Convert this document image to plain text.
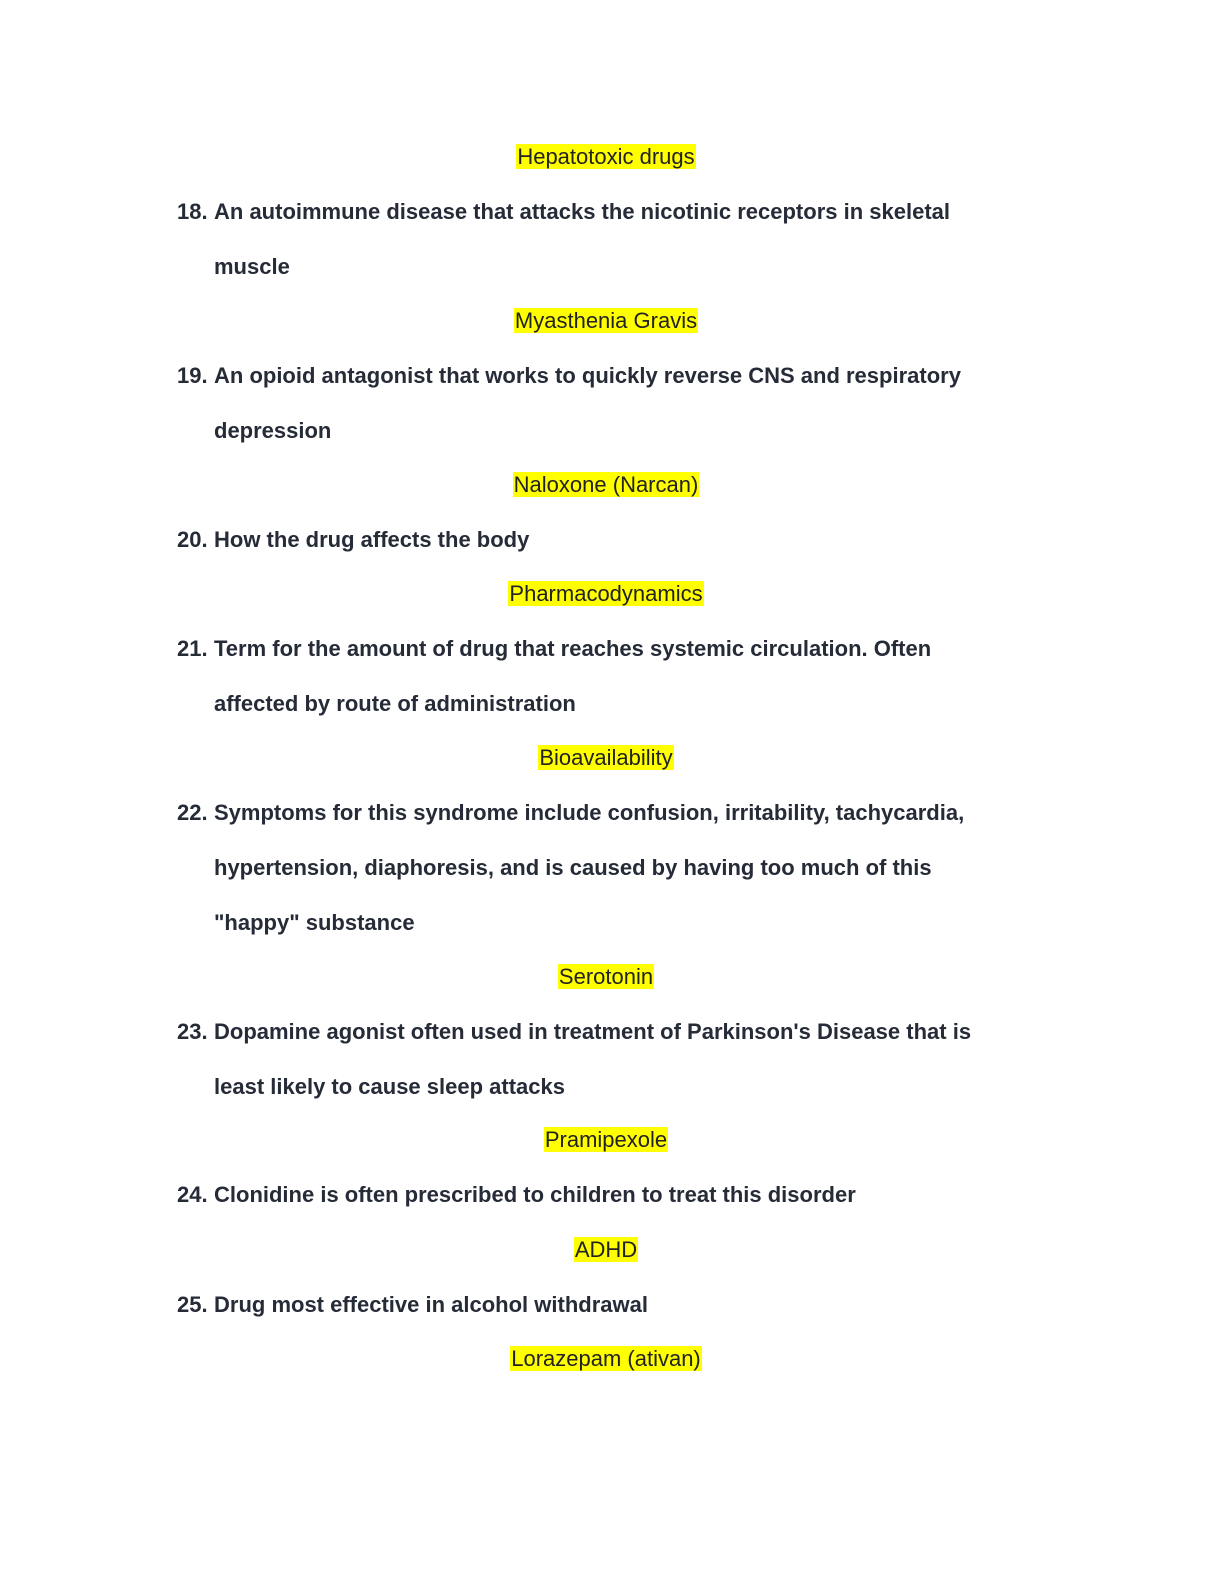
Hepatotoxic drugs
18. An autoimmune disease that attacks the nicotinic receptors in skeletal
muscle
Myasthenia Gravis
19. An opioid antagonist that works to quickly reverse CNS and respiratory
depression
Naloxone (Narcan)
20. How the drug affects the body
Pharmacodynamics
21. Term for the amount of drug that reaches systemic circulation. Often
affected by route of administration
Bioavailability
22. Symptoms for this syndrome include confusion, irritability, tachycardia,
hypertension, diaphoresis, and is caused by having too much of this
"happy" substance
Serotonin
23. Dopamine agonist often used in treatment of Parkinson's Disease that is
least likely to cause sleep attacks
Pramipexole
24. Clonidine is often prescribed to children to treat this disorder
ADHD
25. Drug most effective in alcohol withdrawal
Lorazepam (ativan)
